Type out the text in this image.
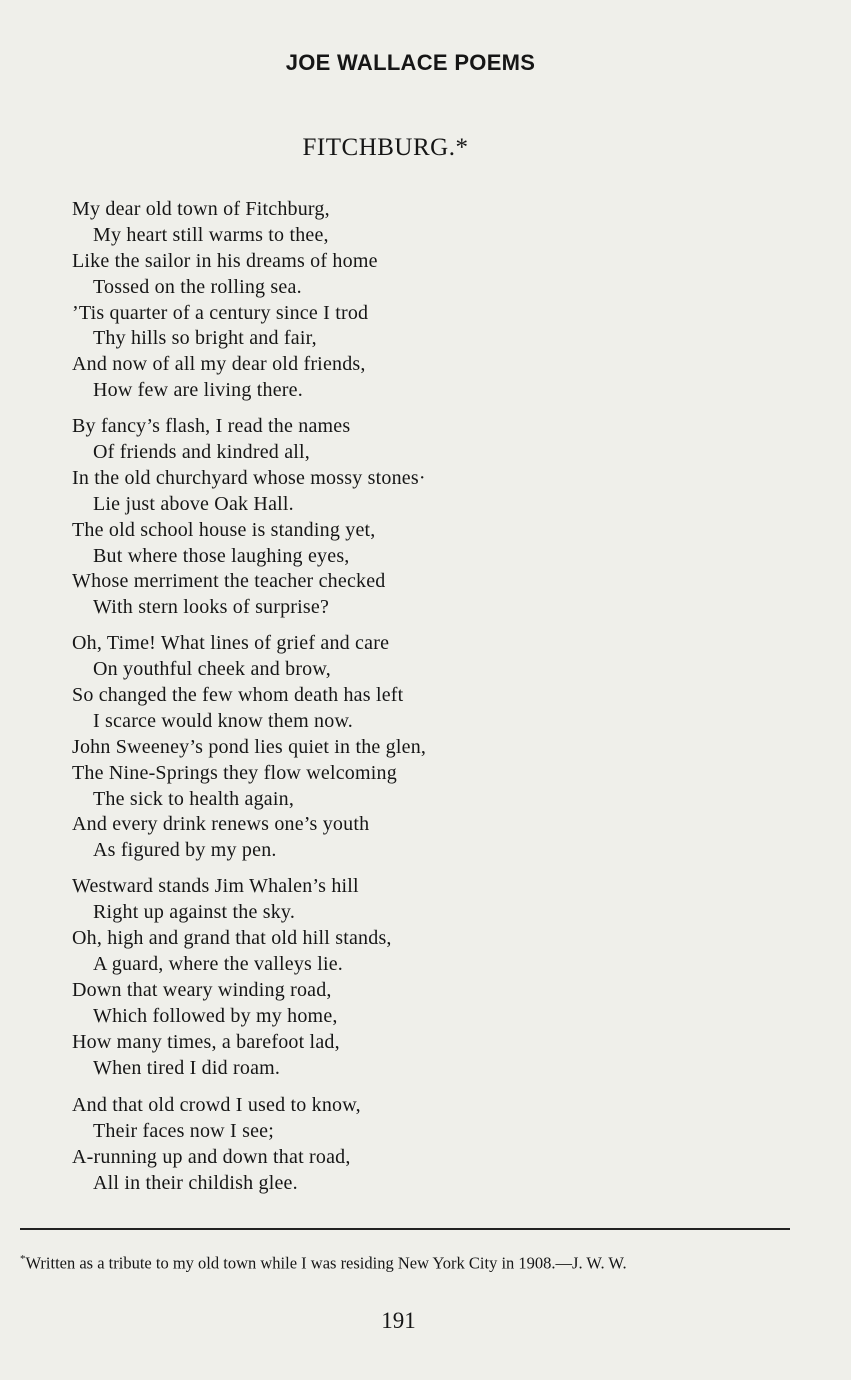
JOE WALLACE POEMS
FITCHBURG.*
My dear old town of Fitchburg,
My heart still warms to thee,
Like the sailor in his dreams of home
Tossed on the rolling sea.
’Tis quarter of a century since I trod
Thy hills so bright and fair,
And now of all my dear old friends,
How few are living there.
By fancy’s flash, I read the names
Of friends and kindred all,
In the old churchyard whose mossy stones·
Lie just above Oak Hall.
The old school house is standing yet,
But where those laughing eyes,
Whose merriment the teacher checked
With stern looks of surprise?
Oh, Time! What lines of grief and care
On youthful cheek and brow,
So changed the few whom death has left
I scarce would know them now.
John Sweeney’s pond lies quiet in the glen,
The Nine-Springs they flow welcoming
The sick to health again,
And every drink renews one’s youth
As figured by my pen.
Westward stands Jim Whalen’s hill
Right up against the sky.
Oh, high and grand that old hill stands,
A guard, where the valleys lie.
Down that weary winding road,
Which followed by my home,
How many times, a barefoot lad,
When tired I did roam.
And that old crowd I used to know,
Their faces now I see;
A-running up and down that road,
All in their childish glee.
*Written as a tribute to my old town while I was residing New York City in 1908.—J. W. W.
191
